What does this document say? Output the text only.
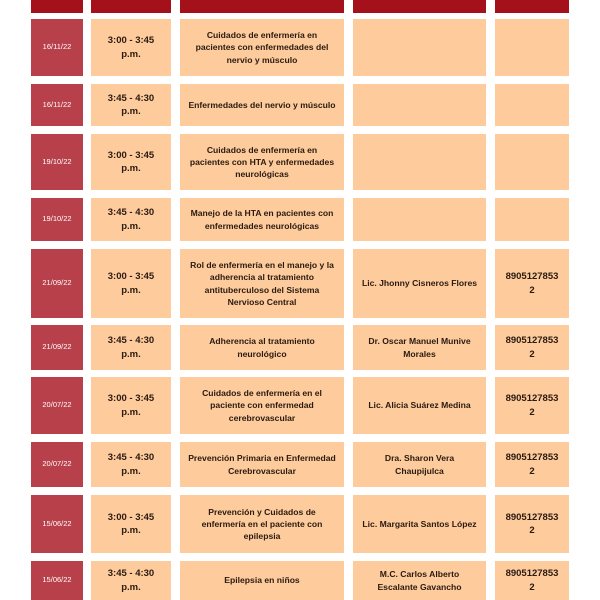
16/11/22
3:00 - 3:45
p.m.
Cuidados de enfermería en
pacientes con enfermedades del
nervio y músculo
16/11/22
3:45 - 4:30
p.m.
Enfermedades del nervio y músculo
19/10/22
3:00 - 3:45
p.m.
Cuidados de enfermería en
pacientes con HTA y enfermedades
neurológicas
19/10/22
3:45 - 4:30
p.m.
Manejo de la HTA en pacientes con
enfermedades neurológicas
21/09/22
3:00 - 3:45
p.m.
Rol de enfermería en el manejo y la
adherencia al tratamiento
antituberculoso del Sistema
Nervioso Central
Lic. Jhonny Cisneros Flores
8905127853
2
21/09/22
3:45 - 4:30
p.m.
Adherencia al tratamiento
neurológico
Dr. Oscar Manuel Munive
Morales
8905127853
2
20/07/22
3:00 - 3:45
p.m.
Cuidados de enfermería en el
paciente con enfermedad
cerebrovascular
Lic. Alicia Suárez Medina
8905127853
2
20/07/22
3:45 - 4:30
p.m.
Prevención Primaria en Enfermedad
Cerebrovascular
Dra. Sharon Vera
Chaupijulca
8905127853
2
15/06/22
3:00 - 3:45
p.m.
Prevención y Cuidados de
enfermería en el paciente con
epilepsia
Lic. Margarita Santos López
8905127853
2
15/06/22
3:45 - 4:30
p.m.
Epilepsia en niños
M.C. Carlos Alberto
Escalante Gavancho
8905127853
2
